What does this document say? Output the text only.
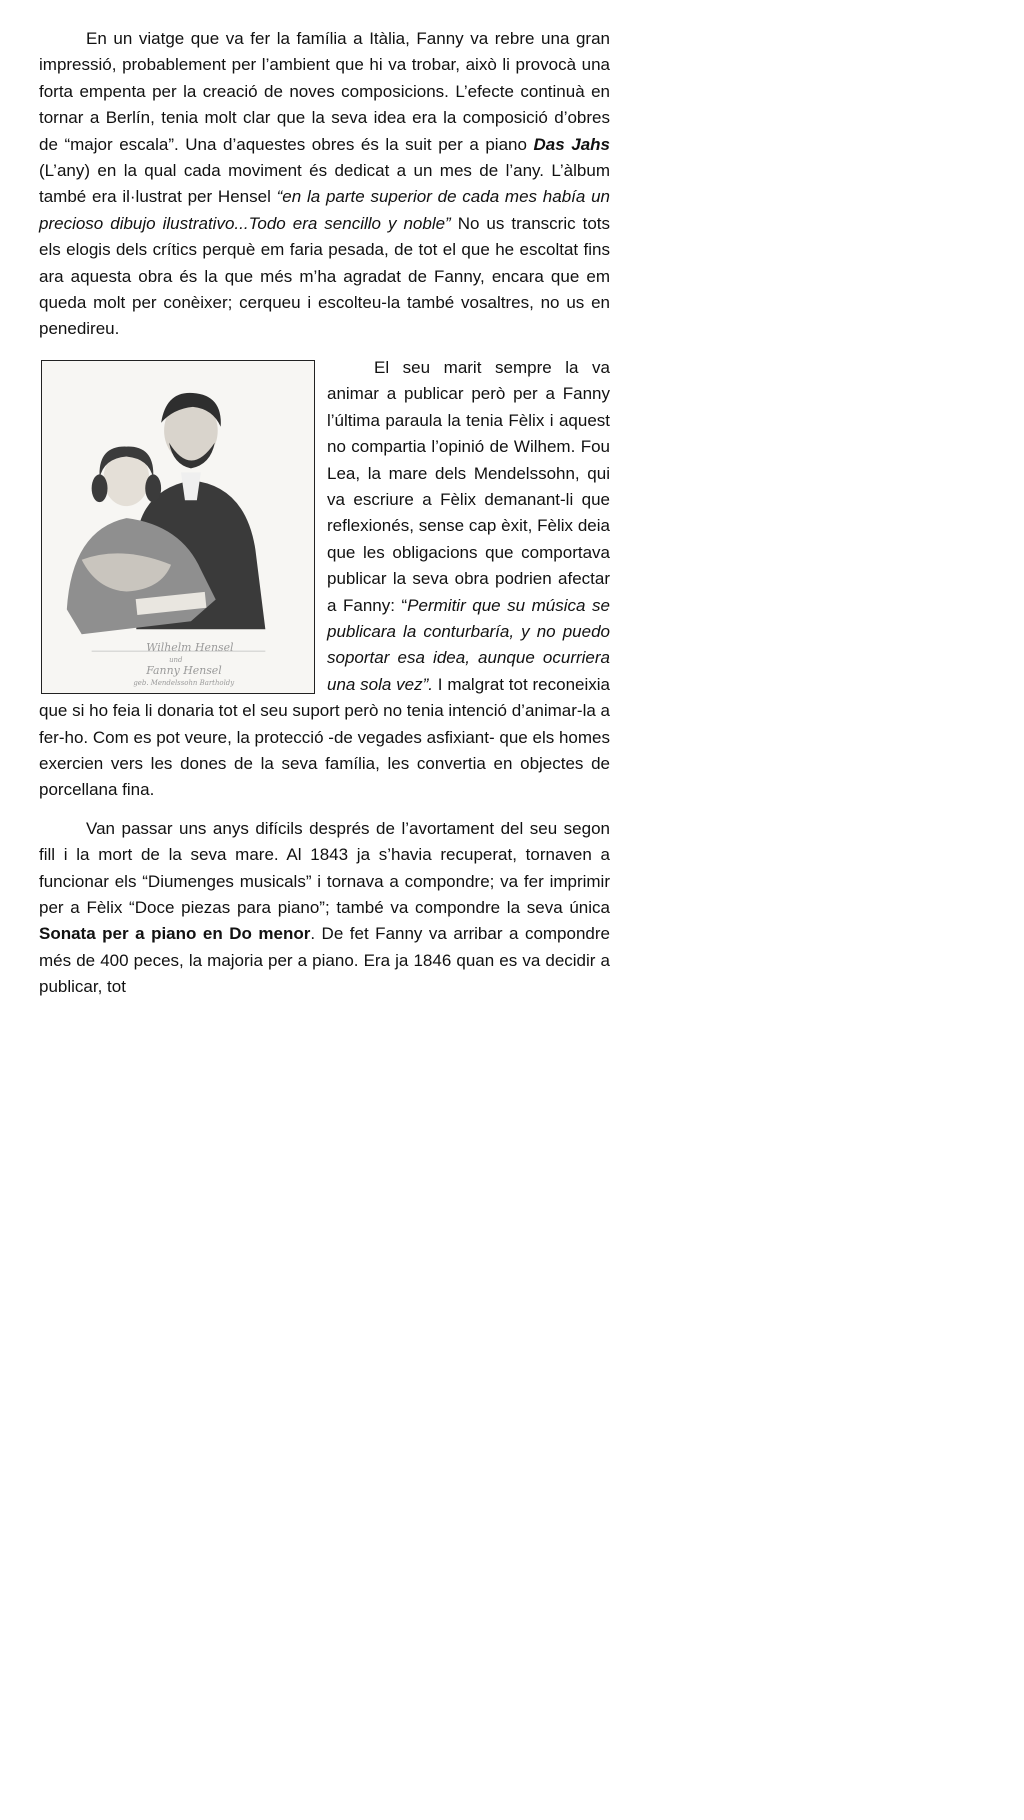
En un viatge que va fer la família a Itàlia, Fanny va rebre una gran impressió, probablement per l’ambient que hi va trobar, això li provocà una forta empenta per la creació de noves composicions. L’efecte continuà en tornar a Berlín, tenia molt clar que la seva idea era la composició d’obres de “major escala”. Una d’aquestes obres és la suit per a piano Das Jahs (L’any) en la qual cada moviment és dedicat a un mes de l’any. L’àlbum també era il·lustrat per Hensel “en la parte superior de cada mes había un precioso dibujo ilustrativo...Todo era sencillo y noble” No us transcric tots els elogis dels crítics perquè em faria pesada, de tot el que he escoltat fins ara aquesta obra és la que més m’ha agradat de Fanny, encara que em queda molt per conèixer; cerqueu i escolteu-la també vosaltres, no us en penedireu.

Wilhelm Hensel
und
Fanny Hensel
geb. Mendelssohn Bartholdy

El seu marit sempre la va animar a publicar però per a Fanny l’última paraula la tenia Fèlix i aquest no compartia l’opinió de Wilhem. Fou Lea, la mare dels Mendelssohn, qui va escriure a Fèlix demanant-li que reflexionés, sense cap èxit, Fèlix deia que les obligacions que comportava publicar la seva obra podrien afectar a Fanny: “Permitir que su música se publicara la conturbaría, y no puedo soportar esa idea, aunque ocurriera una sola vez”. I malgrat tot reconeixia que si ho feia li donaria tot el seu suport però no tenia intenció d’animar-la a fer-ho. Com es pot veure, la protecció -de vegades asfixiant- que els homes exercien vers les dones de la seva família, les convertia en objectes de porcellana fina.

Van passar uns anys difícils després de l’avortament del seu segon fill i la mort de la seva mare. Al 1843 ja s’havia recuperat, tornaven a funcionar els “Diumenges musicals” i tornava a compondre; va fer imprimir per a Fèlix “Doce piezas para piano”; també va compondre la seva única Sonata per a piano en Do menor. De fet Fanny va arribar a compondre més de 400 peces, la majoria per a piano. Era ja 1846 quan es va decidir a publicar, tot
